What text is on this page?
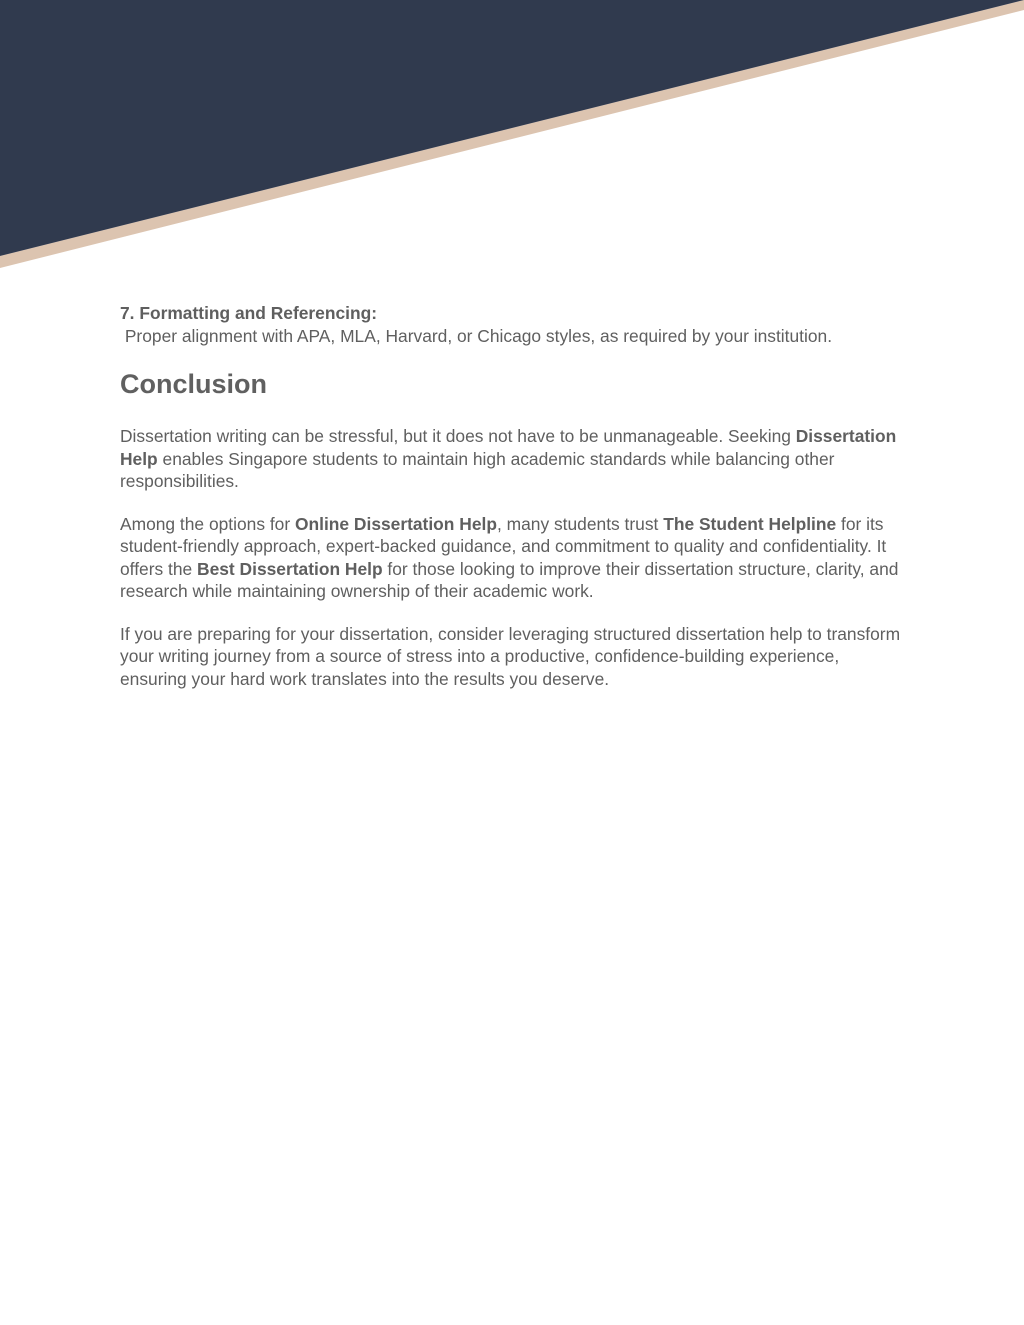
7. Formatting and Referencing:
Proper alignment with APA, MLA, Harvard, or Chicago styles, as required by your institution.
Conclusion

Dissertation writing can be stressful, but it does not have to be unmanageable. Seeking Dissertation Help enables Singapore students to maintain high academic standards while balancing other responsibilities.

Among the options for Online Dissertation Help, many students trust The Student Helpline for its student-friendly approach, expert-backed guidance, and commitment to quality and confidentiality. It offers the Best Dissertation Help for those looking to improve their dissertation structure, clarity, and research while maintaining ownership of their academic work.

If you are preparing for your dissertation, consider leveraging structured dissertation help to transform your writing journey from a source of stress into a productive, confidence-building experience, ensuring your hard work translates into the results you deserve.
